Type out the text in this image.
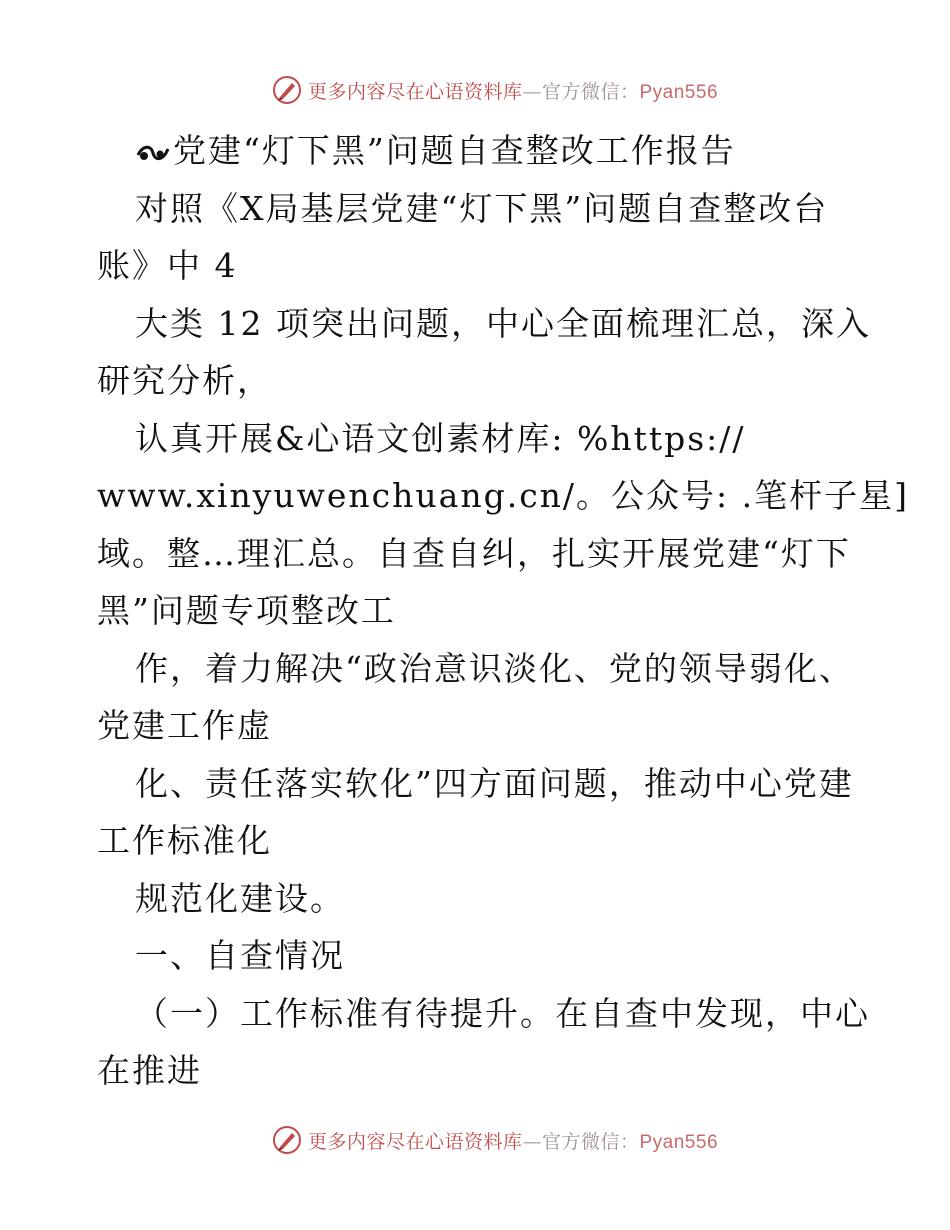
更多内容尽在心语资料库—官方微信：Pyan556
党建“灯下黑”问题自查整改工作报告
对照《X局基层党建“灯下黑”问题自查整改台
账》中 4
大类 12 项突出问题，中心全面梳理汇总，深入
研究分析，
认真开展&心语文创素材库: %https://
www.xinyuwenchuang.cn/。公众号: .笔杆子星]
域。整…理汇总。自查自纠，扎实开展党建“灯下
黑”问题专项整改工
作，着力解决“政治意识淡化、党的领导弱化、
党建工作虚
化、责任落实软化”四方面问题，推动中心党建
工作标准化
规范化建设。
一、自查情况
（一）工作标准有待提升。在自查中发现，中心
在推进
更多内容尽在心语资料库—官方微信：Pyan556
